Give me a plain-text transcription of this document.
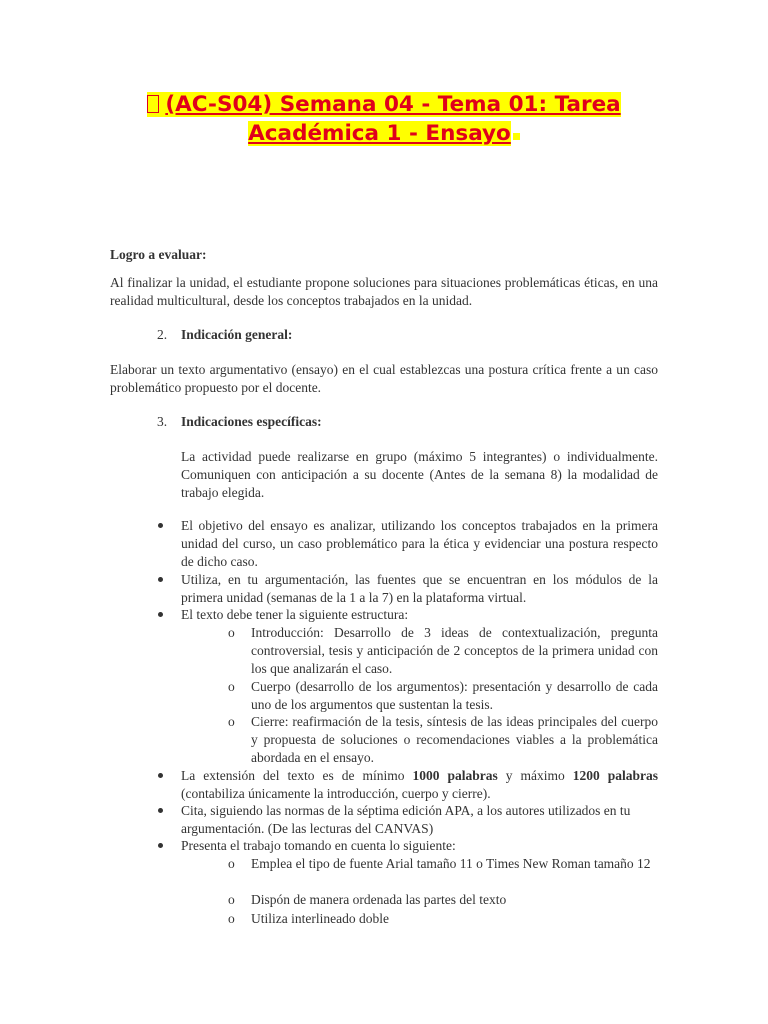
(AC-S04) Semana 04 - Tema 01: Tarea
Académica 1 - Ensayo
Logro a evaluar:
Al finalizar la unidad, el estudiante propone soluciones para situaciones problemáticas éticas, en una realidad multicultural, desde los conceptos trabajados en la unidad.
2. Indicación general:
Elaborar un texto argumentativo (ensayo) en el cual establezcas una postura crítica frente a un caso problemático propuesto por el docente.
3. Indicaciones específicas:
La actividad puede realizarse en grupo (máximo 5 integrantes) o individualmente. Comuniquen con anticipación a su docente (Antes de la semana 8) la modalidad de trabajo elegida.
El objetivo del ensayo es analizar, utilizando los conceptos trabajados en la primera unidad del curso, un caso problemático para la ética y evidenciar una postura respecto de dicho caso.
Utiliza, en tu argumentación, las fuentes que se encuentran en los módulos de la primera unidad (semanas de la 1 a la 7) en la plataforma virtual.
El texto debe tener la siguiente estructura:
o Introducción: Desarrollo de 3 ideas de contextualización, pregunta controversial, tesis y anticipación de 2 conceptos de la primera unidad con los que analizarán el caso.
o Cuerpo (desarrollo de los argumentos): presentación y desarrollo de cada uno de los argumentos que sustentan la tesis.
o Cierre: reafirmación de la tesis, síntesis de las ideas principales del cuerpo y propuesta de soluciones o recomendaciones viables a la problemática abordada en el ensayo.
La extensión del texto es de mínimo 1000 palabras y máximo 1200 palabras (contabiliza únicamente la introducción, cuerpo y cierre).
Cita, siguiendo las normas de la séptima edición APA, a los autores utilizados en tu argumentación. (De las lecturas del CANVAS)
Presenta el trabajo tomando en cuenta lo siguiente:
o Emplea el tipo de fuente Arial tamaño 11 o Times New Roman tamaño 12
o Dispón de manera ordenada las partes del texto
o Utiliza interlineado doble
